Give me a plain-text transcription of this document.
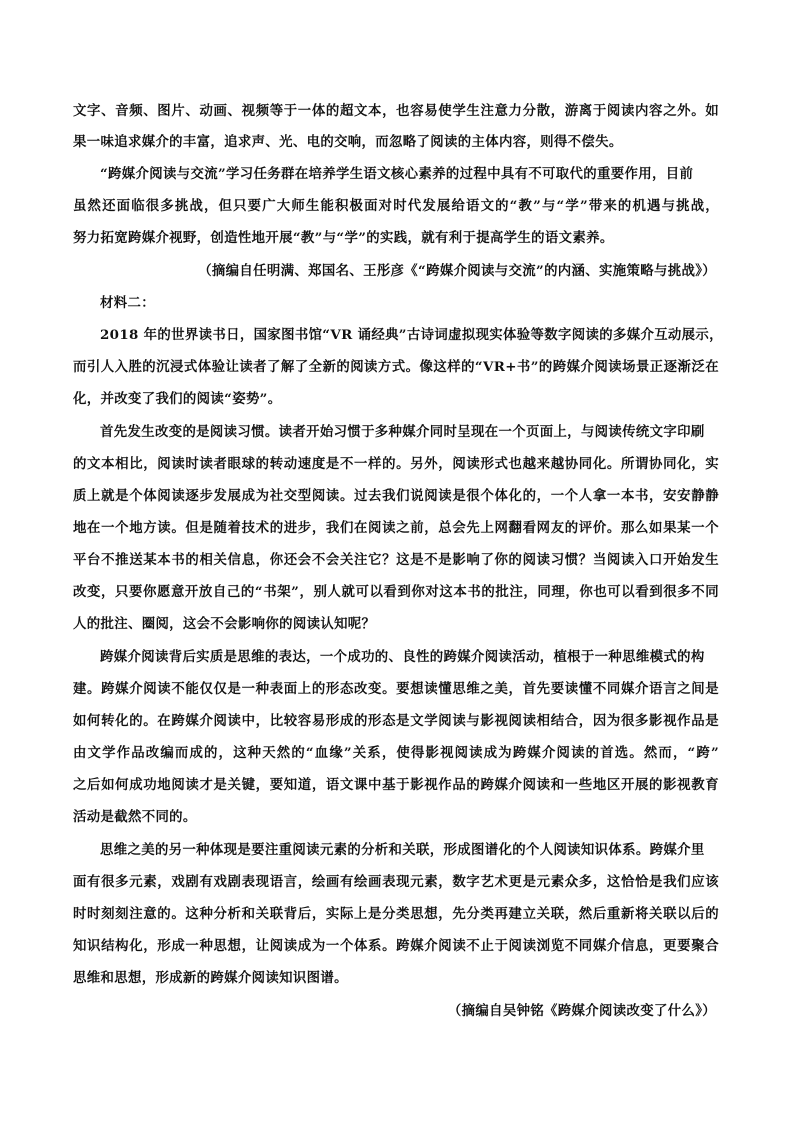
文字、音频、图片、动画、视频等于一体的超文本，也容易使学生注意力分散，游离于阅读内容之外。如
果一味追求媒介的丰富，追求声、光、电的交响，而忽略了阅读的主体内容，则得不偿失。
“跨媒介阅读与交流”学习任务群在培养学生语文核心素养的过程中具有不可取代的重要作用，目前
虽然还面临很多挑战，但只要广大师生能积极面对时代发展给语文的“教”与“学”带来的机遇与挑战，
努力拓宽跨媒介视野，创造性地开展“教”与“学”的实践，就有利于提高学生的语文素养。
（摘编自任明满、郑国名、王彤彦《“跨媒介阅读与交流”的内涵、实施策略与挑战》）
材料二：
2018 年的世界读书日，国家图书馆“VR 诵经典”古诗词虚拟现实体验等数字阅读的多媒介互动展示，
而引人入胜的沉浸式体验让读者了解了全新的阅读方式。像这样的“VR+书”的跨媒介阅读场景正逐渐泛在
化，并改变了我们的阅读“姿势”。
首先发生改变的是阅读习惯。读者开始习惯于多种媒介同时呈现在一个页面上，与阅读传统文字印刷
的文本相比，阅读时读者眼球的转动速度是不一样的。另外，阅读形式也越来越协同化。所谓协同化，实
质上就是个体阅读逐步发展成为社交型阅读。过去我们说阅读是很个体化的，一个人拿一本书，安安静静
地在一个地方读。但是随着技术的进步，我们在阅读之前，总会先上网翻看网友的评价。那么如果某一个
平台不推送某本书的相关信息，你还会不会关注它？这是不是影响了你的阅读习惯？当阅读入口开始发生
改变，只要你愿意开放自己的“书架”，别人就可以看到你对这本书的批注，同理，你也可以看到很多不同
人的批注、圈阅，这会不会影响你的阅读认知呢？
跨媒介阅读背后实质是思维的表达，一个成功的、良性的跨媒介阅读活动，植根于一种思维模式的构
建。跨媒介阅读不能仅仅是一种表面上的形态改变。要想读懂思维之美，首先要读懂不同媒介语言之间是
如何转化的。在跨媒介阅读中，比较容易形成的形态是文学阅读与影视阅读相结合，因为很多影视作品是
由文学作品改编而成的，这种天然的“血缘”关系，使得影视阅读成为跨媒介阅读的首选。然而，“跨”
之后如何成功地阅读才是关键，要知道，语文课中基于影视作品的跨媒介阅读和一些地区开展的影视教育
活动是截然不同的。
思维之美的另一种体现是要注重阅读元素的分析和关联，形成图谱化的个人阅读知识体系。跨媒介里
面有很多元素，戏剧有戏剧表现语言，绘画有绘画表现元素，数字艺术更是元素众多，这恰恰是我们应该
时时刻刻注意的。这种分析和关联背后，实际上是分类思想，先分类再建立关联，然后重新将关联以后的
知识结构化，形成一种思想，让阅读成为一个体系。跨媒介阅读不止于阅读浏览不同媒介信息，更要聚合
思维和思想，形成新的跨媒介阅读知识图谱。
（摘编自吴钟铭《跨媒介阅读改变了什么》）
